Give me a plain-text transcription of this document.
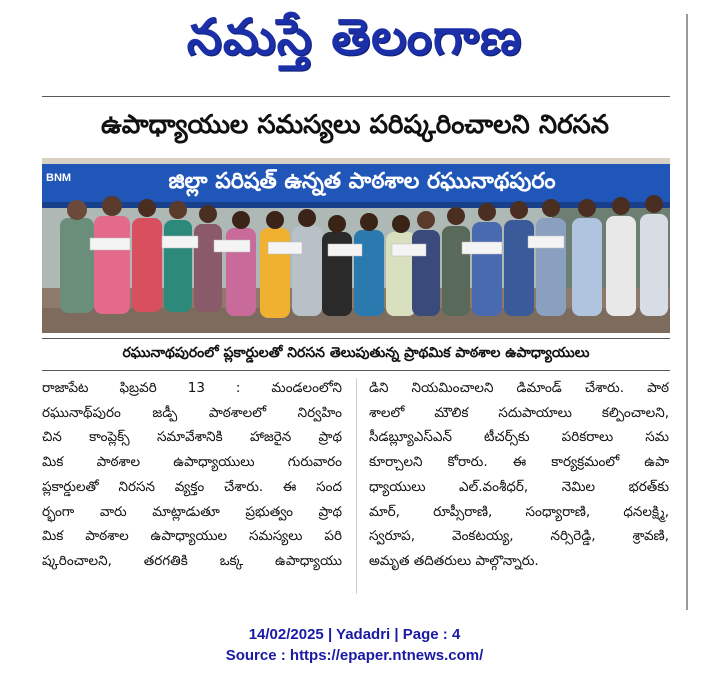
నమస్తే తెలంగాణ
ఉపాధ్యాయుల సమస్యలు పరిష్కరించాలని నిరసన
BNM	జిల్లా పరిషత్ ఉన్నత పాఠశాల రఘునాథపురం
రఘునాథపురంలో ప్లకార్డులతో నిరసన తెలుపుతున్న ప్రాథమిక పాఠశాల ఉపాధ్యాయులు
రాజాపేట ఫిబ్రవరి 13 : మండలంలోని
రఘునాథ్‌పురం జడ్పీ పాఠశాలలో నిర్వహిం
చిన కాంప్లెక్స్ సమావేశానికి హాజరైన ప్రాథ
మిక పాఠశాల ఉపాధ్యాయులు గురువారం
ప్లకార్డులతో నిరసన వ్యక్తం చేశారు. ఈ సంద
ర్భంగా వారు మాట్లాడుతూ ప్రభుత్వం ప్రాథ
మిక పాఠశాల ఉపాధ్యాయుల సమస్యలు పరి
ష్కరించాలని, తరగతికి ఒక్క ఉపాధ్యాయు
డిని నియమించాలని డిమాండ్ చేశారు. పాఠ
శాలలో మౌలిక సదుపాయాలు కల్పించాలని,
సీడబ్ల్యూఎస్ఎన్ టీచర్స్‌కు పరికరాలు సమ
కూర్చాలని కోరారు. ఈ కార్యక్రమంలో ఉపా
ధ్యాయులు ఎల్.వంశీధర్, నెమిల భరత్‌కు
మార్, రూప్సీరాణి, సంధ్యారాణి, ధనలక్ష్మి,
స్వరూప, వెంకటయ్య, నర్సిరెడ్డి, శ్రావణి,
అమృత తదితరులు పాల్గొన్నారు.
14/02/2025 | Yadadri | Page : 4
Source : https://epaper.ntnews.com/
